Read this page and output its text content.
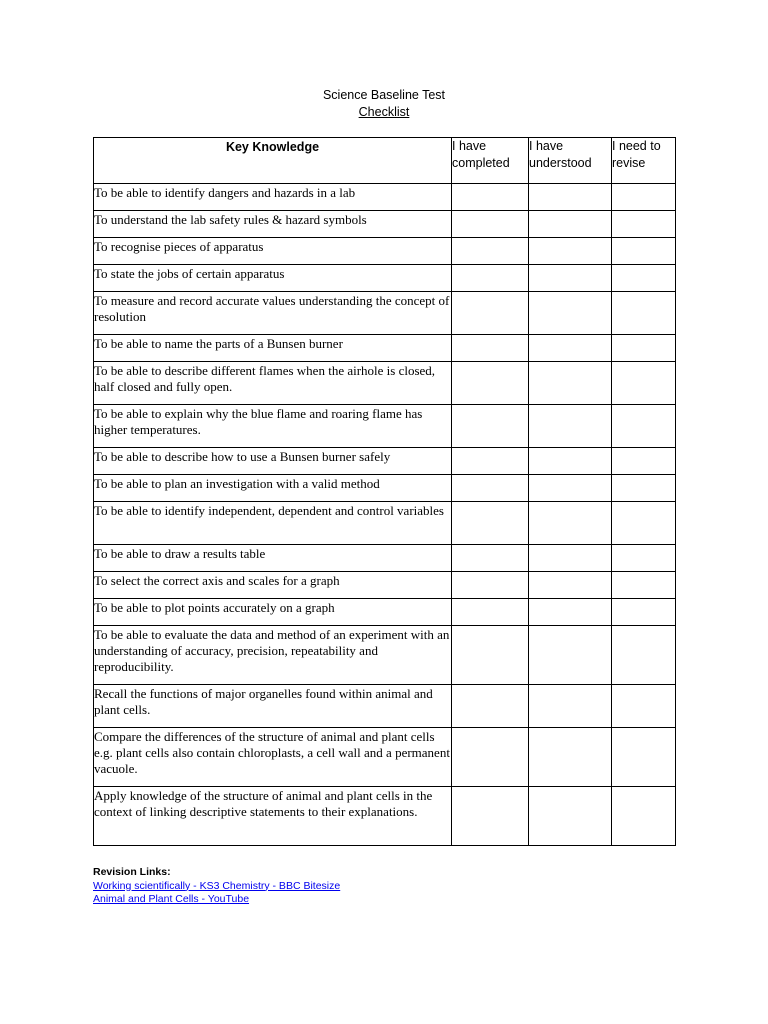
Science Baseline Test
Checklist
Key Knowledge	I have completed	I have understood	I need to revise
To be able to identify dangers and hazards in a lab			
To understand the lab safety rules & hazard symbols			
To recognise pieces of apparatus			
To state the jobs of certain apparatus			
To measure and record accurate values understanding the concept of resolution			
To be able to name the parts of a Bunsen burner			
To be able to describe different flames when the airhole is closed, half closed and fully open.			
To be able to explain why the blue flame and roaring flame has higher temperatures.			
To be able to describe how to use a Bunsen burner safely			
To be able to plan an investigation with a valid method			
To be able to identify independent, dependent and control variables			
To be able to draw a results table			
To select the correct axis and scales for a graph			
To be able to plot points accurately on a graph			
To be able to evaluate the data and method of an experiment with an understanding of accuracy, precision, repeatability and reproducibility.			
Recall the functions of major organelles found within animal and plant cells.			
Compare the differences of the structure of animal and plant cells e.g. plant cells also contain chloroplasts, a cell wall and a permanent vacuole.			
Apply knowledge of the structure of animal and plant cells in the context of linking descriptive statements to their explanations.			
Revision Links:
Working scientifically - KS3 Chemistry - BBC Bitesize
Animal and Plant Cells - YouTube
